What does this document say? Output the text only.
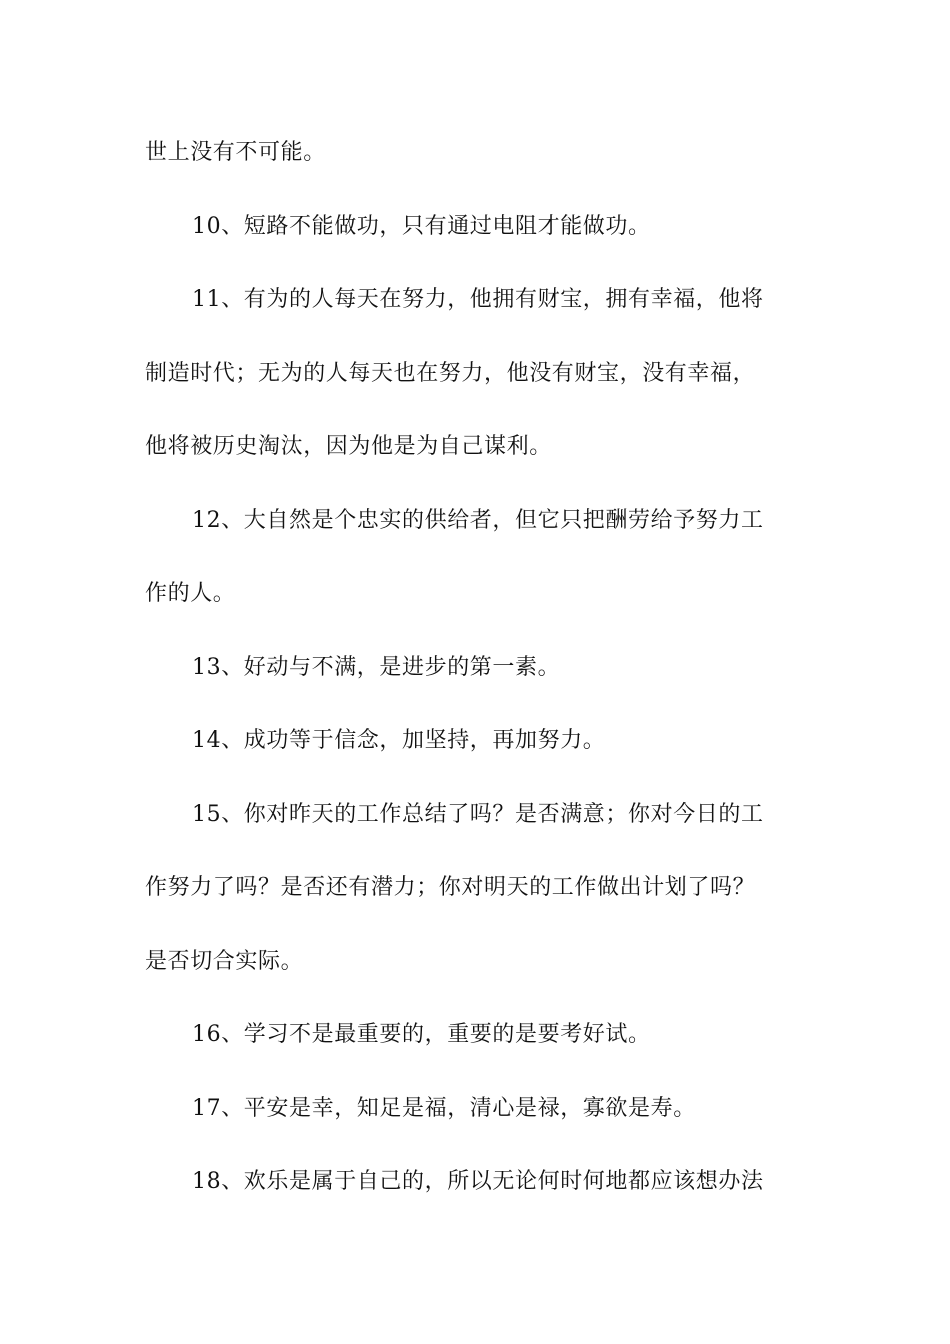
世上没有不可能。
10、短路不能做功，只有通过电阻才能做功。
11、有为的人每天在努力，他拥有财宝，拥有幸福，他将
制造时代；无为的人每天也在努力，他没有财宝，没有幸福，
他将被历史淘汰，因为他是为自己谋利。
12、大自然是个忠实的供给者，但它只把酬劳给予努力工
作的人。
13、好动与不满，是进步的第一素。
14、成功等于信念，加坚持，再加努力。
15、你对昨天的工作总结了吗？是否满意；你对今日的工
作努力了吗？是否还有潜力；你对明天的工作做出计划了吗？
是否切合实际。
16、学习不是最重要的，重要的是要考好试。
17、平安是幸，知足是福，清心是禄，寡欲是寿。
18、欢乐是属于自己的，所以无论何时何地都应该想办法
